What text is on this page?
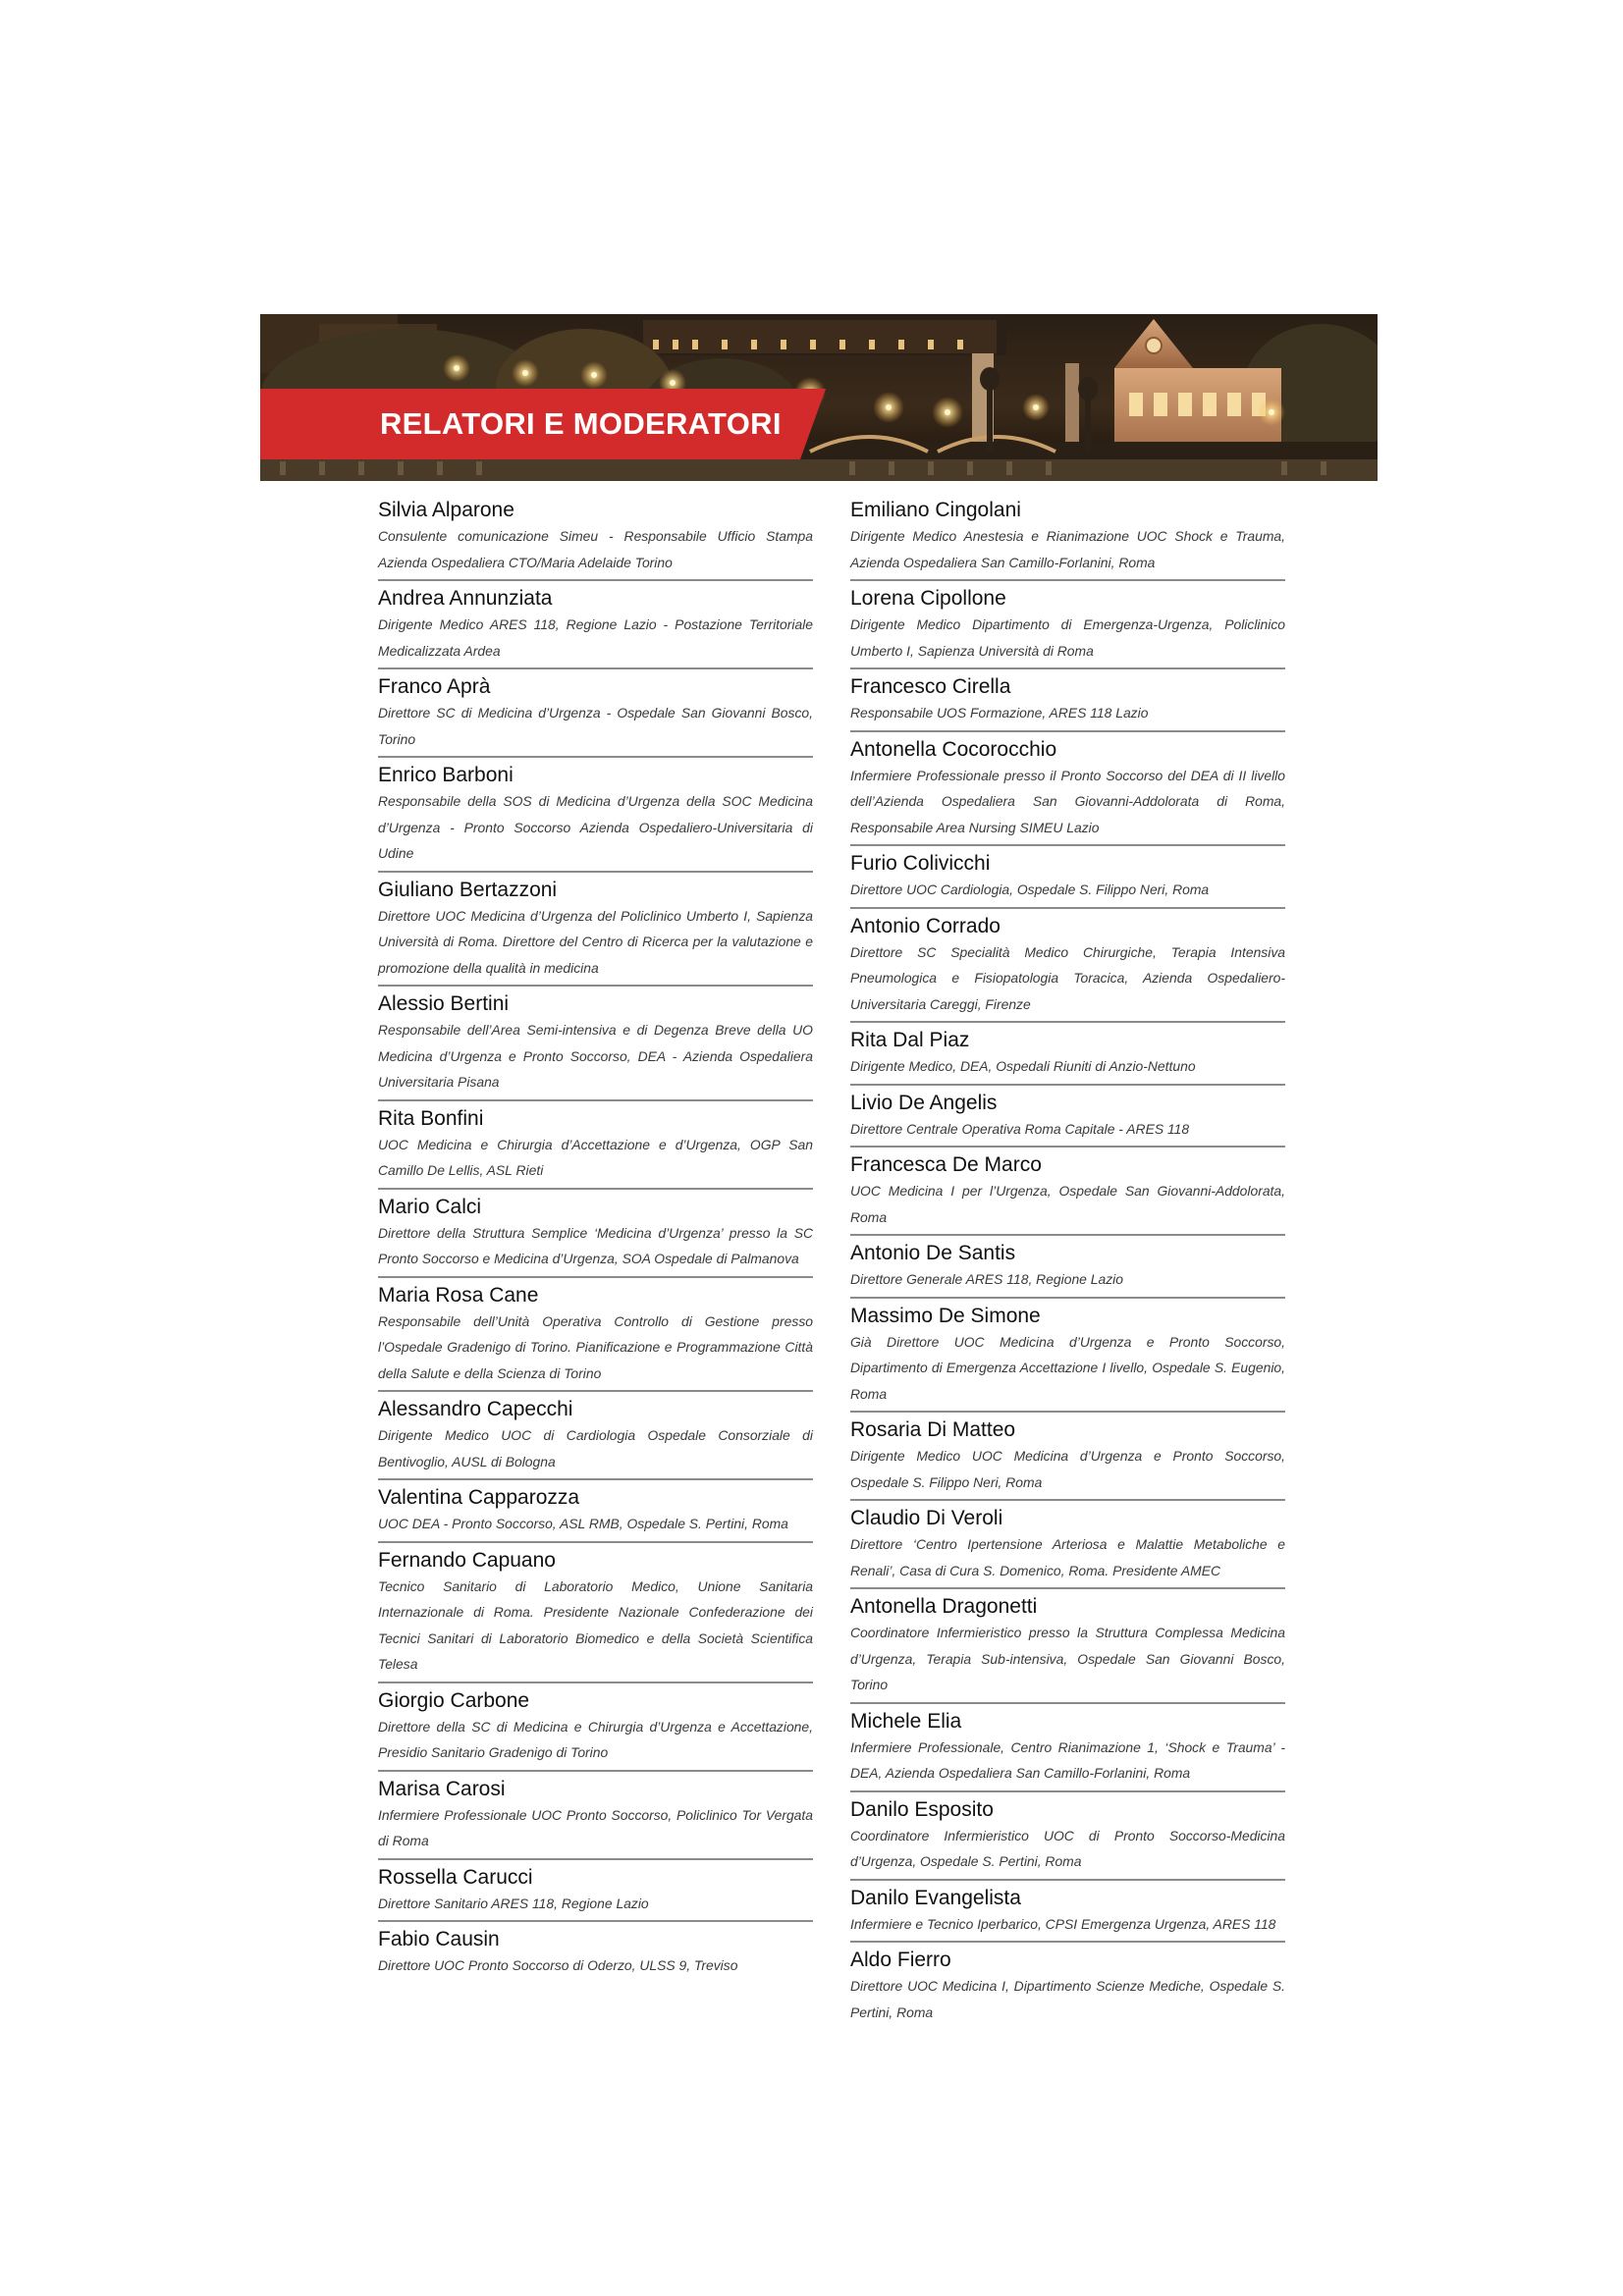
RELATORI E MODERATORI
Silvia Alparone
Consulente comunicazione Simeu - Responsabile Ufficio Stampa Azienda Ospedaliera CTO/Maria Adelaide Torino
Andrea Annunziata
Dirigente Medico ARES 118, Regione Lazio - Postazione Territoriale Medicalizzata Ardea
Franco Aprà
Direttore SC di Medicina d’Urgenza - Ospedale San Giovanni Bosco, Torino
Enrico Barboni
Responsabile della SOS di Medicina d’Urgenza della SOC Medicina d’Urgenza - Pronto Soccorso Azienda Ospedaliero-Universitaria di Udine
Giuliano Bertazzoni
Direttore UOC Medicina d’Urgenza del Policlinico Umberto I, Sapienza Università di Roma. Direttore del Centro di Ricerca per la valutazione e promozione della qualità in medicina
Alessio Bertini
Responsabile dell’Area Semi-intensiva e di Degenza Breve della UO Medicina d’Urgenza e Pronto Soccorso, DEA - Azienda Ospedaliera Universitaria Pisana
Rita Bonfini
UOC Medicina e Chirurgia d’Accettazione e d’Urgenza, OGP San Camillo De Lellis, ASL Rieti
Mario Calci
Direttore della Struttura Semplice ‘Medicina d’Urgenza’ presso la SC Pronto Soccorso e Medicina d’Urgenza, SOA Ospedale di Palmanova
Maria Rosa Cane
Responsabile dell’Unità Operativa Controllo di Gestione presso l’Ospedale Gradenigo di Torino. Pianificazione e Programmazione Città della Salute e della Scienza di Torino
Alessandro Capecchi
Dirigente Medico UOC di Cardiologia Ospedale Consorziale di Bentivoglio, AUSL di Bologna
Valentina Capparozza
UOC DEA - Pronto Soccorso, ASL RMB, Ospedale S. Pertini, Roma
Fernando Capuano
Tecnico Sanitario di Laboratorio Medico, Unione Sanitaria Internazionale di Roma. Presidente Nazionale Confederazione dei Tecnici Sanitari di Laboratorio Biomedico e della Società Scientifica Telesa
Giorgio Carbone
Direttore della SC di Medicina e Chirurgia d’Urgenza e Accettazione, Presidio Sanitario Gradenigo di Torino
Marisa Carosi
Infermiere Professionale UOC Pronto Soccorso, Policlinico Tor Vergata di Roma
Rossella Carucci
Direttore Sanitario ARES 118, Regione Lazio
Fabio Causin
Direttore UOC Pronto Soccorso di Oderzo, ULSS 9, Treviso
Emiliano Cingolani
Dirigente Medico Anestesia e Rianimazione UOC Shock e Trauma, Azienda Ospedaliera San Camillo-Forlanini, Roma
Lorena Cipollone
Dirigente Medico Dipartimento di Emergenza-Urgenza, Policlinico Umberto I, Sapienza Università di Roma
Francesco Cirella
Responsabile UOS Formazione, ARES 118 Lazio
Antonella Cocorocchio
Infermiere Professionale presso il Pronto Soccorso del DEA di II livello dell’Azienda Ospedaliera San Giovanni-Addolorata di Roma, Responsabile Area Nursing SIMEU Lazio
Furio Colivicchi
Direttore UOC Cardiologia, Ospedale S. Filippo Neri, Roma
Antonio Corrado
Direttore SC Specialità Medico Chirurgiche, Terapia Intensiva Pneumologica e Fisiopatologia Toracica, Azienda Ospedaliero-Universitaria Careggi, Firenze
Rita Dal Piaz
Dirigente Medico, DEA, Ospedali Riuniti di Anzio-Nettuno
Livio De Angelis
Direttore Centrale Operativa Roma Capitale - ARES 118
Francesca De Marco
UOC Medicina I per l’Urgenza, Ospedale San Giovanni-Addolorata, Roma
Antonio De Santis
Direttore Generale ARES 118, Regione Lazio
Massimo De Simone
Già Direttore UOC Medicina d’Urgenza e Pronto Soccorso, Dipartimento di Emergenza Accettazione I livello, Ospedale S. Eugenio, Roma
Rosaria Di Matteo
Dirigente Medico UOC Medicina d’Urgenza e Pronto Soccorso, Ospedale S. Filippo Neri, Roma
Claudio Di Veroli
Direttore ‘Centro Ipertensione Arteriosa e Malattie Metaboliche e Renali’, Casa di Cura S. Domenico, Roma. Presidente AMEC
Antonella Dragonetti
Coordinatore Infermieristico presso la Struttura Complessa Medicina d’Urgenza, Terapia Sub-intensiva, Ospedale San Giovanni Bosco, Torino
Michele Elia
Infermiere Professionale, Centro Rianimazione 1, ‘Shock e Trauma’ - DEA, Azienda Ospedaliera San Camillo-Forlanini, Roma
Danilo Esposito
Coordinatore Infermieristico UOC di Pronto Soccorso-Medicina d’Urgenza, Ospedale S. Pertini, Roma
Danilo Evangelista
Infermiere e Tecnico Iperbarico, CPSI Emergenza Urgenza, ARES 118
Aldo Fierro
Direttore UOC Medicina I, Dipartimento Scienze Mediche, Ospedale S. Pertini, Roma
